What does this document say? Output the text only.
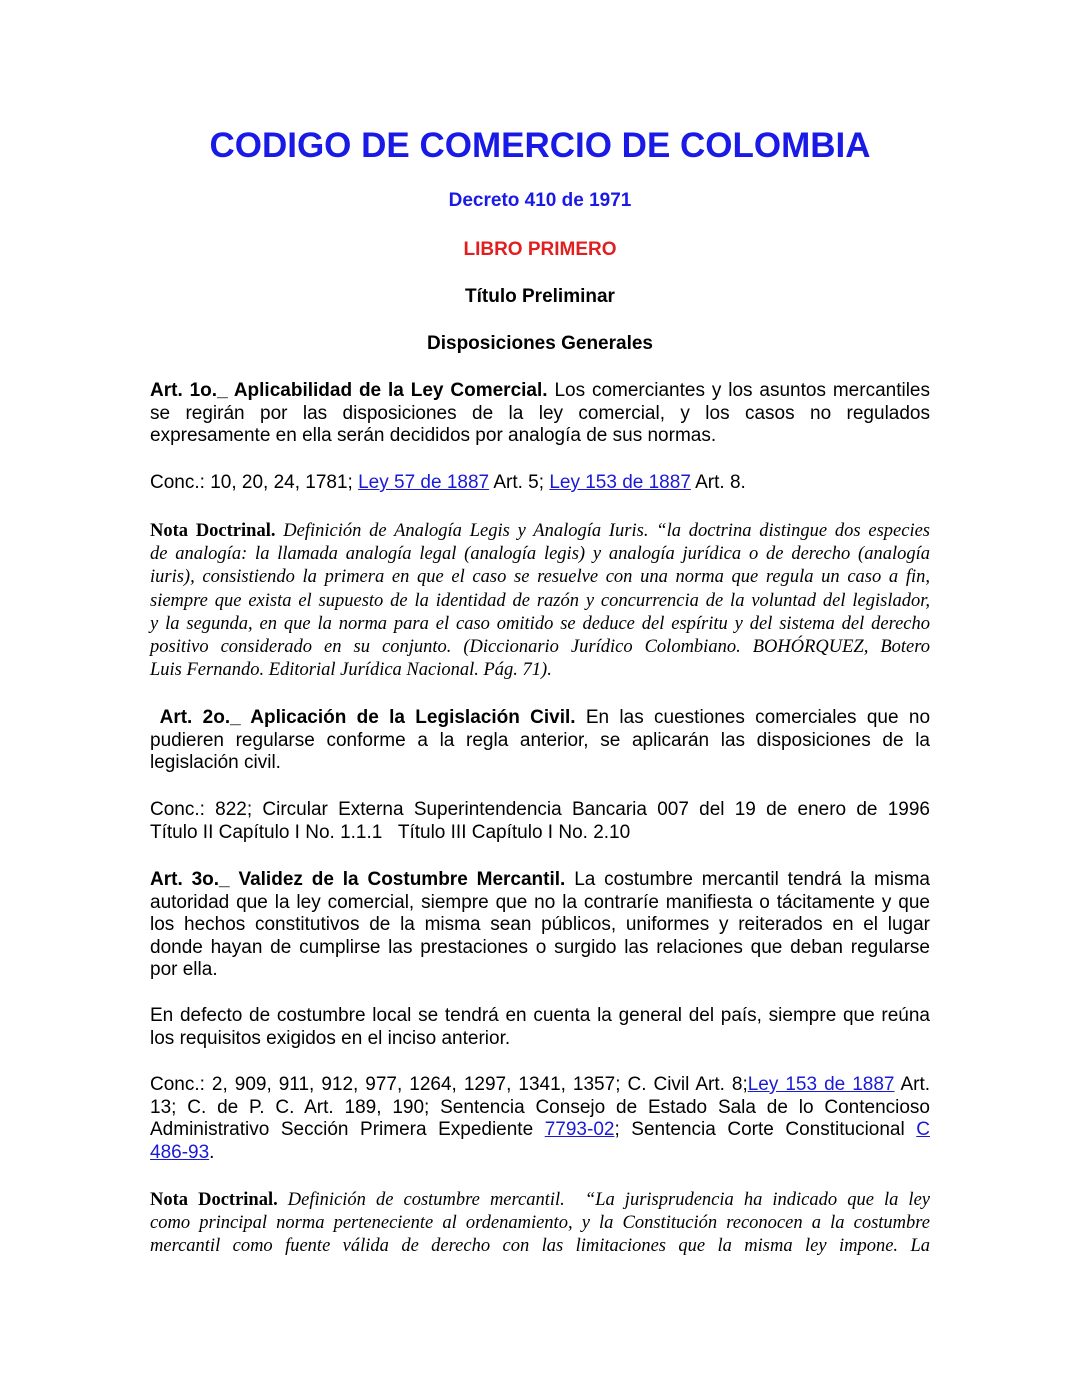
CODIGO DE COMERCIO DE COLOMBIA
Decreto 410 de 1971
LIBRO PRIMERO
Título Preliminar
Disposiciones Generales
Art. 1o._ Aplicabilidad de la Ley Comercial. Los comerciantes y los asuntos mercantiles
se regirán por las disposiciones de la ley comercial, y los casos no regulados
expresamente en ella serán decididos por analogía de sus normas.
Conc.: 10, 20, 24, 1781; Ley 57 de 1887 Art. 5; Ley 153 de 1887 Art. 8.
Nota Doctrinal. Definición de Analogía Legis y Analogía Iuris. “la doctrina distingue dos especies
de analogía: la llamada analogía legal (analogía legis) y analogía jurídica o de derecho (analogía
iuris), consistiendo la primera en que el caso se resuelve con una norma que regula un caso a fin,
siempre que exista el supuesto de la identidad de razón y concurrencia de la voluntad del legislador,
y la segunda, en que la norma para el caso omitido se deduce del espíritu y del sistema del derecho
positivo considerado en su conjunto. (Diccionario Jurídico Colombiano. BOHÓRQUEZ, Botero
Luis Fernando. Editorial Jurídica Nacional. Pág. 71).
Art. 2o._ Aplicación de la Legislación Civil. En las cuestiones comerciales que no
pudieren regularse conforme a la regla anterior, se aplicarán las disposiciones de la
legislación civil.
Conc.: 822; Circular Externa Superintendencia Bancaria 007 del 19 de enero de 1996
Título II Capítulo I No. 1.1.1   Título III Capítulo I No. 2.10
Art. 3o._ Validez de la Costumbre Mercantil. La costumbre mercantil tendrá la misma
autoridad que la ley comercial, siempre que no la contraríe manifiesta o tácitamente y que
los hechos constitutivos de la misma sean públicos, uniformes y reiterados en el lugar
donde hayan de cumplirse las prestaciones o surgido las relaciones que deban regularse
por ella.
En defecto de costumbre local se tendrá en cuenta la general del país, siempre que reúna
los requisitos exigidos en el inciso anterior.
Conc.: 2, 909, 911, 912, 977, 1264, 1297, 1341, 1357; C. Civil Art. 8;Ley 153 de 1887 Art.
13; C. de P. C. Art. 189, 190; Sentencia Consejo de Estado Sala de lo Contencioso
Administrativo Sección Primera Expediente 7793-02; Sentencia Corte Constitucional C
486-93.
Nota Doctrinal. Definición de costumbre mercantil.  “La jurisprudencia ha indicado que la ley
como principal norma perteneciente al ordenamiento, y la Constitución reconocen a la costumbre
mercantil como fuente válida de derecho con las limitaciones que la misma ley impone. La
